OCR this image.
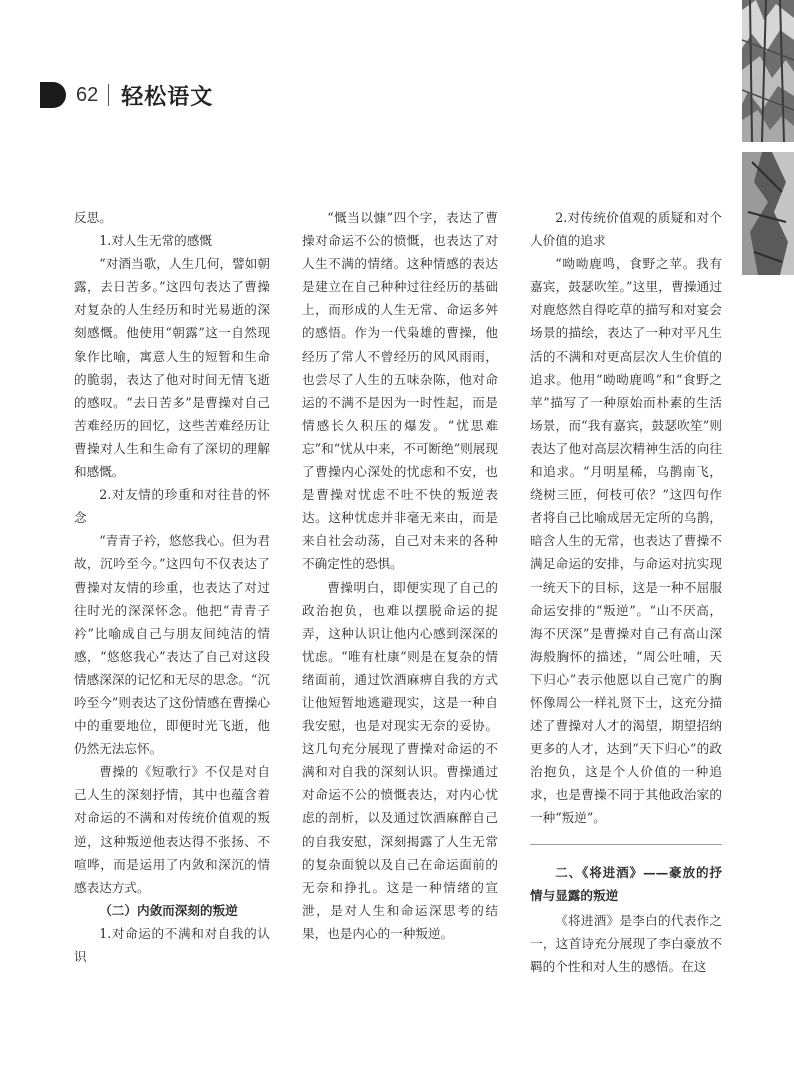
62 轻松语文

反思。

1.对人生无常的感慨

“对酒当歌，人生几何，譬如朝露，去日苦多。”这四句表达了曹操对复杂的人生经历和时光易逝的深刻感慨。他使用“朝露”这一自然现象作比喻，寓意人生的短暂和生命的脆弱，表达了他对时间无情飞逝的感叹。“去日苦多”是曹操对自己苦难经历的回忆，这些苦难经历让曹操对人生和生命有了深切的理解和感慨。

2.对友情的珍重和对往昔的怀念

“青青子衿，悠悠我心。但为君故，沉吟至今。”这四句不仅表达了曹操对友情的珍重，也表达了对过往时光的深深怀念。他把“青青子衿”比喻成自己与朋友间纯洁的情感，“悠悠我心”表达了自己对这段情感深深的记忆和无尽的思念。“沉吟至今”则表达了这份情感在曹操心中的重要地位，即便时光飞逝，他仍然无法忘怀。

曹操的《短歌行》不仅是对自己人生的深刻抒情，其中也蕴含着对命运的不满和对传统价值观的叛逆，这种叛逆他表达得不张扬、不喧哗，而是运用了内敛和深沉的情感表达方式。

（二）内敛而深刻的叛逆

1.对命运的不满和对自我的认识

“慨当以慷”四个字，表达了曹操对命运不公的愤慨，也表达了对人生不满的情绪。这种情感的表达是建立在自己种种过往经历的基础上，而形成的人生无常、命运多舛的感悟。作为一代枭雄的曹操，他经历了常人不曾经历的风风雨雨，也尝尽了人生的五味杂陈，他对命运的不满不是因为一时性起，而是情感长久积压的爆发。“忧思难忘”和“忧从中来，不可断绝”则展现了曹操内心深处的忧虑和不安，也是曹操对忧虑不吐不快的叛逆表达。这种忧虑并非毫无来由，而是来自社会动荡，自己对未来的各种不确定性的恐惧。

曹操明白，即便实现了自己的政治抱负，也难以摆脱命运的捉弄，这种认识让他内心感到深深的忧虑。“唯有杜康”则是在复杂的情绪面前，通过饮酒麻痹自我的方式让他短暂地逃避现实，这是一种自我安慰，也是对现实无奈的妥协。这几句充分展现了曹操对命运的不满和对自我的深刻认识。曹操通过对命运不公的愤慨表达，对内心忧虑的剖析，以及通过饮酒麻醉自己的自我安慰，深刻揭露了人生无常的复杂面貌以及自己在命运面前的无奈和挣扎。这是一种情绪的宣泄，是对人生和命运深思考的结果，也是内心的一种叛逆。

2.对传统价值观的质疑和对个人价值的追求

“呦呦鹿鸣，食野之苹。我有嘉宾，鼓瑟吹笙。”这里，曹操通过对鹿悠然自得吃草的描写和对宴会场景的描绘，表达了一种对平凡生活的不满和对更高层次人生价值的追求。他用“呦呦鹿鸣”和“食野之苹”描写了一种原始而朴素的生活场景，而“我有嘉宾，鼓瑟吹笙”则表达了他对高层次精神生活的向往和追求。“月明星稀，乌鹊南飞，绕树三匝，何枝可依？”这四句作者将自己比喻成居无定所的乌鹊，暗含人生的无常，也表达了曹操不满足命运的安排，与命运对抗实现一统天下的目标，这是一种不屈服命运安排的“叛逆”。“山不厌高，海不厌深”是曹操对自己有高山深海般胸怀的描述，“周公吐哺，天下归心”表示他愿以自己宽广的胸怀像周公一样礼贤下士，这充分描述了曹操对人才的渴望，期望招纳更多的人才，达到“天下归心”的政治抱负，这是个人价值的一种追求，也是曹操不同于其他政治家的一种“叛逆”。

二、《将进酒》——豪放的抒情与显露的叛逆

《将进酒》是李白的代表作之一，这首诗充分展现了李白豪放不羁的个性和对人生的感悟。在这
